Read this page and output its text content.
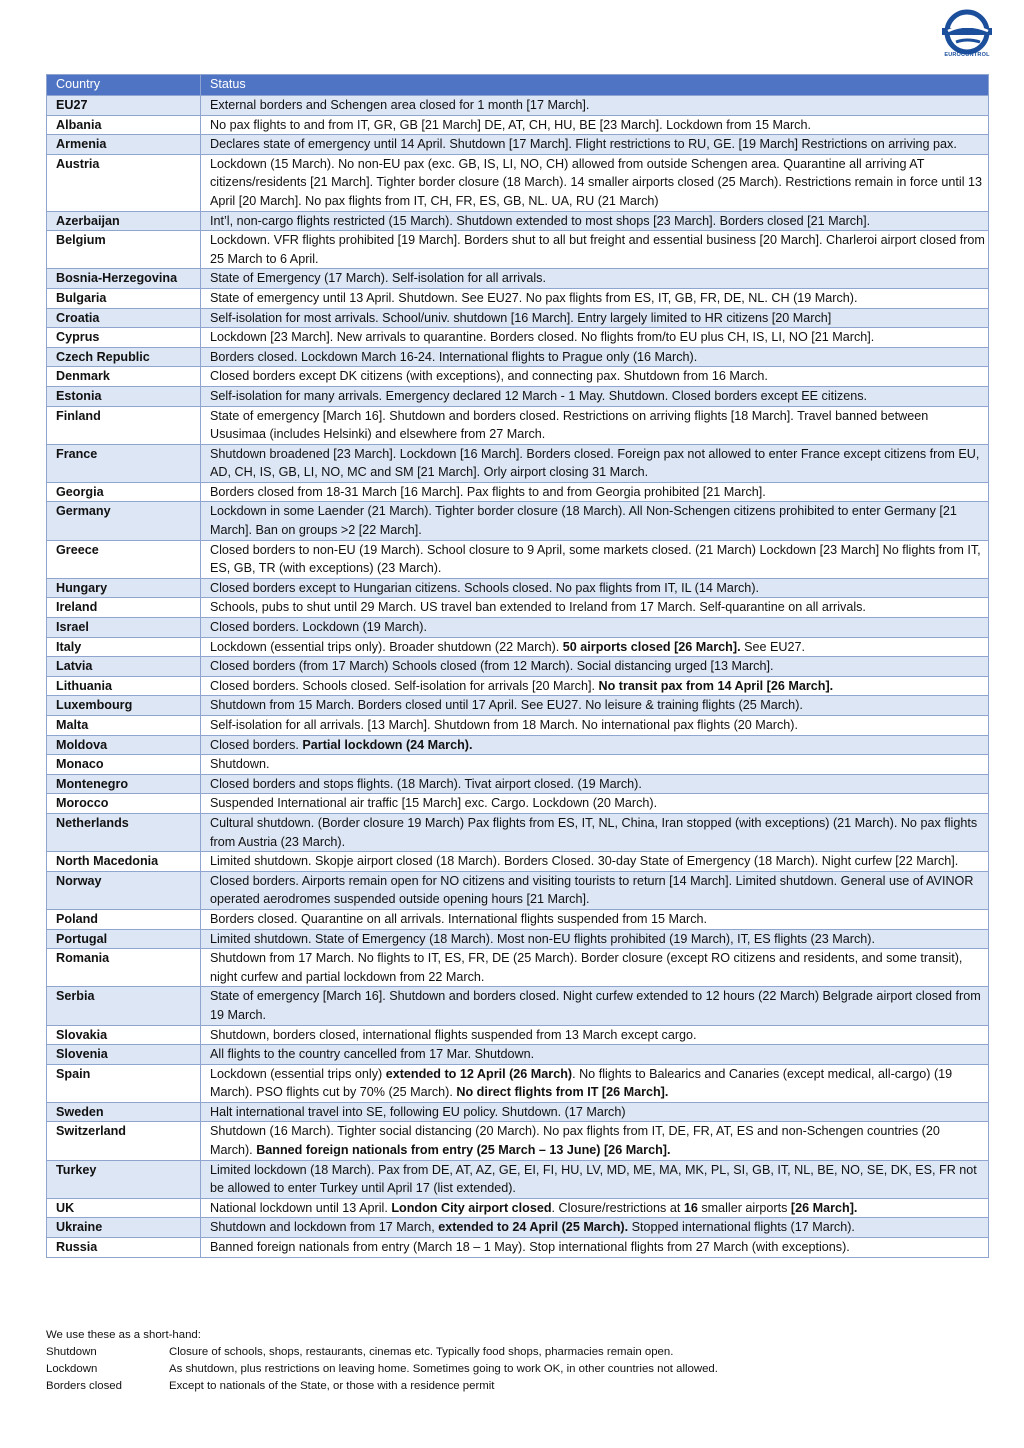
EUROCONTROL
Country	Status
EU27	External borders and Schengen area closed for 1 month [17 March].
Albania	No pax flights to and from IT, GR, GB [21 March] DE, AT, CH, HU, BE [23 March]. Lockdown from 15 March.
Armenia	Declares state of emergency until 14 April. Shutdown [17 March]. Flight restrictions to RU, GE. [19 March] Restrictions on arriving pax.
Austria	Lockdown (15 March). No non-EU pax (exc. GB, IS, LI, NO, CH) allowed from outside Schengen area. Quarantine all arriving AT citizens/residents [21 March]. Tighter border closure (18 March). 14 smaller airports closed (25 March). Restrictions remain in force until 13 April [20 March]. No pax flights from IT, CH, FR, ES, GB, NL. UA, RU (21 March)
Azerbaijan	Int’l, non-cargo flights restricted (15 March). Shutdown extended to most shops [23 March]. Borders closed [21 March].
Belgium	Lockdown. VFR flights prohibited [19 March]. Borders shut to all but freight and essential business [20 March]. Charleroi airport closed from 25 March to 6 April.
Bosnia-Herzegovina	State of Emergency (17 March). Self-isolation for all arrivals.
Bulgaria	State of emergency until 13 April. Shutdown. See EU27. No pax flights from ES, IT, GB, FR, DE, NL. CH (19 March).
Croatia	Self-isolation for most arrivals. School/univ. shutdown [16 March]. Entry largely limited to HR citizens [20 March]
Cyprus	Lockdown [23 March]. New arrivals to quarantine. Borders closed. No flights from/to EU plus CH, IS, LI, NO [21 March].
Czech Republic	Borders closed. Lockdown March 16-24. International flights to Prague only (16 March).
Denmark	Closed borders except DK citizens (with exceptions), and connecting pax. Shutdown from 16 March.
Estonia	Self-isolation for many arrivals. Emergency declared 12 March - 1 May. Shutdown. Closed borders except EE citizens.
Finland	State of emergency [March 16]. Shutdown and borders closed. Restrictions on arriving flights [18 March]. Travel banned between Ususimaa (includes Helsinki) and elsewhere from 27 March.
France	Shutdown broadened [23 March]. Lockdown [16 March]. Borders closed. Foreign pax not allowed to enter France except citizens from EU, AD, CH, IS, GB, LI, NO, MC and SM [21 March]. Orly airport closing 31 March.
Georgia	Borders closed from 18-31 March [16 March]. Pax flights to and from Georgia prohibited [21 March].
Germany	Lockdown in some Laender (21 March). Tighter border closure (18 March). All Non-Schengen citizens prohibited to enter Germany [21 March]. Ban on groups >2 [22 March].
Greece	Closed borders to non-EU (19 March). School closure to 9 April, some markets closed. (21 March) Lockdown [23 March] No flights from IT, ES, GB, TR (with exceptions) (23 March).
Hungary	Closed borders except to Hungarian citizens. Schools closed. No pax flights from IT, IL (14 March).
Ireland	Schools, pubs to shut until 29 March. US travel ban extended to Ireland from 17 March. Self-quarantine on all arrivals.
Israel	Closed borders. Lockdown (19 March).
Italy	Lockdown (essential trips only). Broader shutdown (22 March). 50 airports closed [26 March]. See EU27.
Latvia	Closed borders (from 17 March) Schools closed (from 12 March). Social distancing urged [13 March].
Lithuania	Closed borders. Schools closed. Self-isolation for arrivals [20 March]. No transit pax from 14 April [26 March].
Luxembourg	Shutdown from 15 March. Borders closed until 17 April. See EU27. No leisure & training flights (25 March).
Malta	Self-isolation for all arrivals. [13 March]. Shutdown from 18 March. No international pax flights (20 March).
Moldova	Closed borders. Partial lockdown (24 March).
Monaco	Shutdown.
Montenegro	Closed borders and stops flights. (18 March). Tivat airport closed. (19 March).
Morocco	Suspended International air traffic [15 March] exc. Cargo. Lockdown (20 March).
Netherlands	Cultural shutdown. (Border closure 19 March) Pax flights from ES, IT, NL, China, Iran stopped (with exceptions) (21 March). No pax flights from Austria (23 March).
North Macedonia	Limited shutdown. Skopje airport closed (18 March). Borders Closed. 30-day State of Emergency (18 March). Night curfew [22 March].
Norway	Closed borders. Airports remain open for NO citizens and visiting tourists to return [14 March]. Limited shutdown. General use of AVINOR operated aerodromes suspended outside opening hours [21 March].
Poland	Borders closed. Quarantine on all arrivals. International flights suspended from 15 March.
Portugal	Limited shutdown. State of Emergency (18 March). Most non-EU flights prohibited (19 March), IT, ES flights (23 March).
Romania	Shutdown from 17 March. No flights to IT, ES, FR, DE (25 March). Border closure (except RO citizens and residents, and some transit), night curfew and partial lockdown from 22 March.
Serbia	State of emergency [March 16]. Shutdown and borders closed. Night curfew extended to 12 hours (22 March) Belgrade airport closed from 19 March.
Slovakia	Shutdown, borders closed, international flights suspended from 13 March except cargo.
Slovenia	All flights to the country cancelled from 17 Mar. Shutdown.
Spain	Lockdown (essential trips only) extended to 12 April (26 March). No flights to Balearics and Canaries (except medical, all-cargo) (19 March). PSO flights cut by 70% (25 March). No direct flights from IT [26 March].
Sweden	Halt international travel into SE, following EU policy. Shutdown. (17 March)
Switzerland	Shutdown (16 March). Tighter social distancing (20 March). No pax flights from IT, DE, FR, AT, ES and non-Schengen countries (20 March). Banned foreign nationals from entry (25 March – 13 June) [26 March].
Turkey	Limited lockdown (18 March). Pax from DE, AT, AZ, GE, EI, FI, HU, LV, MD, ME, MA, MK, PL, SI, GB, IT, NL, BE, NO, SE, DK, ES, FR not be allowed to enter Turkey until April 17 (list extended).
UK	National lockdown until 13 April. London City airport closed. Closure/restrictions at 16 smaller airports [26 March].
Ukraine	Shutdown and lockdown from 17 March, extended to 24 April (25 March). Stopped international flights (17 March).
Russia	Banned foreign nationals from entry (March 18 – 1 May). Stop international flights from 27 March (with exceptions).
We use these as a short-hand:
Shutdown	Closure of schools, shops, restaurants, cinemas etc. Typically food shops, pharmacies remain open.
Lockdown	As shutdown, plus restrictions on leaving home. Sometimes going to work OK, in other countries not allowed.
Borders closed	Except to nationals of the State, or those with a residence permit
